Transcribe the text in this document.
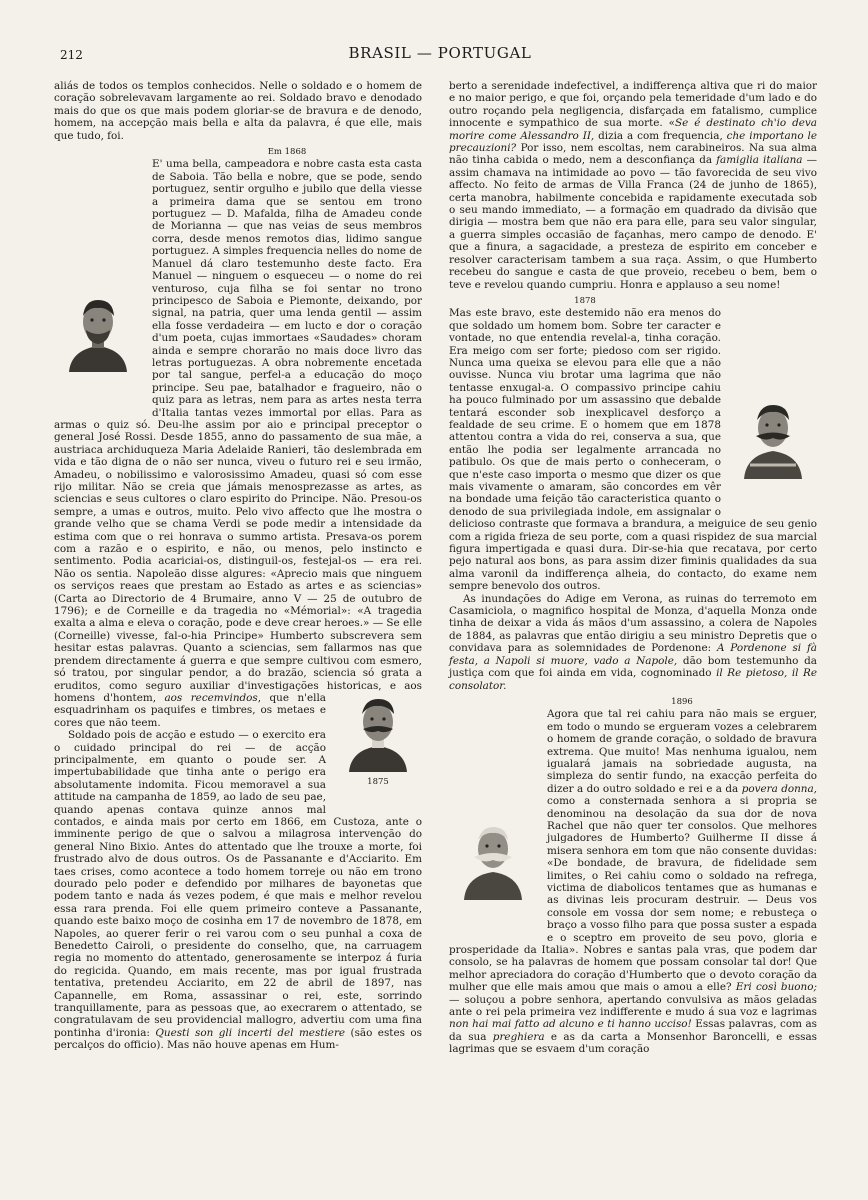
212	BRASIL — PORTUGAL

aliás de todos os templos conhecidos. Nelle o soldado e o homem de coração sobrelevavam largamente ao rei. Soldado bravo e denodado mais do que os que mais podem gloriar-se de bravura e de denodo, homem, na accepção mais bella e alta da palavra, é que elle, mais que tudo, foi.

Em 1868
E' uma bella, campeadora e nobre casta esta casta de Saboia. Tão bella e nobre, que se pode, sendo portuguez, sentir orgulho e jubilo que della viesse a primeira dama que se sentou em trono portuguez — D. Mafalda, filha de Amadeu conde de Morianna — que nas veias de seus membros corra, desde menos remotos dias, lidimo sangue portuguez. A simples frequencia nelles do nome de Manuel dá claro testemunho deste facto. Era Manuel — ninguem o esqueceu — o nome do rei venturoso, cuja filha se foi sentar no trono principesco de Saboia e Piemonte, deixando, por signal, na patria, quer uma lenda gentil — assim ella fosse verdadeira — em lucto e dor o coração d'um poeta, cujas immortaes «Saudades» choram ainda e sempre chorarão no mais doce livro das letras portuguezas. A obra nobremente encetada por tal sangue, perfel-a a educação do moço principe. Seu pae, batalhador e fragueiro, não o quiz para as letras, nem para as artes nesta terra d'Italia tantas vezes immortal por ellas. Para as armas o quiz só. Deu-lhe assim por aio e principal preceptor o general José Rossi. Desde 1855, anno do passamento de sua mãe, a austriaca archiduqueza Maria Adelaide Ranieri, tão deslembrada em vida e tão digna de o não ser nunca, viveu o futuro rei e seu irmão, Amadeu, o nobilissimo e valorosissimo Amadeu, quasi só com esse rijo militar. Não se creia que jámais menosprezasse as artes, as sciencias e seus cultores o claro espirito do Principe. Não. Presou-os sempre, a umas e outros, muito. Pelo vivo affecto que lhe mostra o grande velho que se chama Verdi se pode medir a intensidade da estima com que o rei honrava o summo artista. Presava-os porem com a razão e o espirito, e não, ou menos, pelo instincto e sentimento. Podia acariciai-os, distinguil-os, festejal-os — era rei. Não os sentia. Napoleão disse algures: «Aprecio mais que ninguem os serviços reaes que prestam ao Estado as artes e as sciencias» (Carta ao Directorio de 4 Brumaire, anno V — 25 de outubro de 1796); e de Corneille e da tragedia no «Mémorial»: «A tragedia exalta a alma e eleva o coração, pode e deve crear heroes.» — Se elle (Corneille) vivesse, fal-o-hia Principe» Humberto subscrevera sem hesitar estas palavras. Quanto a sciencias, sem fallarmos nas que prendem directamente á guerra e que sempre cultivou com esmero, só tratou, por singular pendor, a do brazão, sciencia só grata a eruditos, como seguro auxiliar d'investigações historicas, e aos homens d'hontem,
1875
aos recemvindos, que n'ella esquadrinham os paquifes e timbres, os metaes e cores que não teem.

Soldado pois de acção e estudo — o exercito era o cuidado principal do rei — de acção principalmente, em quanto o poude ser. A impertubabilidade que tinha ante o perigo era absolutamente indomita. Ficou memoravel a sua attitude na campanha de 1859, ao lado de seu pae, quando apenas contava quinze annos mal contados, e ainda mais por certo em 1866, em Custoza, ante o imminente perigo de que o salvou a milagrosa intervenção do general Nino Bixio. Antes do attentado que lhe trouxe a morte, foi frustrado alvo de dous outros. Os de Passanante e d'Acciarito. Em taes crises, como acontece a todo homem torreje ou não em trono dourado pelo poder e defendido por milhares de bayonetas que podem tanto e nada ás vezes podem, é que mais e melhor revelou essa rara prenda. Foi elle quem primeiro conteve a Passanante, quando este baixo moço de cosinha em 17 de novembro de 1878, em Napoles, ao querer ferir o rei varou com o seu punhal a coxa de Benedetto Cairoli, o presidente do conselho, que, na carruagem regia no momento do attentado, generosamente se interpoz á furia do regicida. Quando, em mais recente, mas por igual frustrada tentativa, pretendeu Acciarito, em 22 de abril de 1897, nas Capannelle, em Roma, assassinar o rei, este, sorrindo tranquillamente, para as pessoas que, ao execrarem o attentado, se congratulavam de seu providencial mallogro, advertiu com uma fina pontinha d'ironia: Questi son gli incerti del mestiere (são estes os percalços do officio). Mas não houve apenas em Hum-

berto a serenidade indefectivel, a indifferença altiva que ri do maior e no maior perigo, e que foi, orçando pela temeridade d'um lado e do outro roçando pela negligencia, disfarçada em fatalismo, cumplice innocente e sympathico de sua morte. «Se é destinato ch'io deva morire come Alessandro II, dizia a com frequencia, che importano le precauzioni? Por isso, nem escoltas, nem carabineiros. Na sua alma não tinha cabida o medo, nem a desconfiança da famiglia italiana — assim chamava na intimidade ao povo — tão favorecida de seu vivo affecto. No feito de armas de Villa Franca (24 de junho de 1865), certa manobra, habilmente concebida e rapidamente executada sob o seu mando immediato, — a formação em quadrado da divisão que dirigia — mostra bem que não era para elle, para seu valor singular, a guerra simples occasião de façanhas, mero campo de denodo. E' que a finura, a sagacidade, a presteza de espirito em conceber e resolver caracterisam tambem a sua raça. Assim, o que Humberto recebeu do sangue e casta de que proveio, recebeu o bem, bem o teve e revelou quando cumpriu. Honra e applauso a seu nome!

1878
Mas este bravo, este destemido não era menos do que soldado um homem bom. Sobre ter caracter e vontade, no que entendia revelal-a, tinha coração. Era meigo com ser forte; piedoso com ser rigido. Nunca uma queixa se elevou para elle que a não ouvisse. Nunca viu brotar uma lagrima que não tentasse enxugal-a. O compassivo principe cahiu ha pouco fulminado por um assassino que debalde tentará esconder sob inexplicavel desforço a fealdade de seu crime. E o homem que em 1878 attentou contra a vida do rei, conserva a sua, que então lhe podia ser legalmente arrancada no patibulo. Os que de mais perto o conheceram, o que n'este caso importa o mesmo que dizer os que mais vivamente o amaram, são concordes em vêr na bondade uma feição tão caracteristica quanto o denodo de sua privilegiada indole, em assignalar o delicioso contraste que formava a brandura, a meiguice de seu genio com a rigida frieza de seu porte, com a quasi rispidez de sua marcial figura impertigada e quasi dura. Dir-se-hia que recatava, por certo pejo natural aos bons, as para assim dizer fiminis qualidades da sua alma varonil da indifferença alheia, do contacto, do exame nem sempre benevolo dos outros.

As inundações do Adige em Verona, as ruinas do terremoto em Casamiciola, o magnifico hospital de Monza, d'aquella Monza onde tinha de deixar a vida ás mãos d'um assassino, a colera de Napoles de 1884, as palavras que então dirigiu a seu ministro Depretis que o convidava para as solemnidades de Pordenone: A Pordenone si fà festa, a Napoli si muore, vado a Napole, dão bom testemunho da justiça com que foi ainda em vida, cognominado il Re pietoso, il Re consolator.

1896
Agora que tal rei cahiu para não mais se erguer, em todo o mundo se ergueram vozes a celebrarem o homem de grande coração, o soldado de bravura extrema. Que muito! Mas nenhuma igualou, nem igualará jamais na sobriedade augusta, na simpleza do sentir fundo, na exacção perfeita do dizer a do outro soldado e rei e a da povera donna, como a consternada senhora a si propria se denominou na desolação da sua dor de nova Rachel que não quer ter consolos. Que melhores julgadores de Humberto? Guilherme II disse á misera senhora em tom que não consente duvidas: «De bondade, de bravura, de fidelidade sem limites, o Rei cahiu como o soldado na refrega, victima de diabolicos tentames que as humanas e as divinas leis procuram destruir. — Deus vos console em vossa dor sem nome; e rebusteça o braço a vosso filho para que possa suster a espada e o sceptro em proveito de seu povo, gloria e prosperidade da Italia». Nobres e santas pala vras, que podem dar consolo, se ha palavras de homem que possam consolar tal dor! Que melhor apreciadora do coração d'Humberto que o devoto coração da mulher que elle mais amou que mais o amou a elle? Eri così buono; — soluçou a pobre senhora, apertando convulsiva as mãos geladas ante o rei pela primeira vez indifferente e mudo á sua voz e lagrimas non hai mai fatto ad alcuno e ti hanno ucciso! Essas palavras, com as da sua preghiera e as da carta a Monsenhor Baroncelli, e essas lagrimas que se esvaem d'um coração
